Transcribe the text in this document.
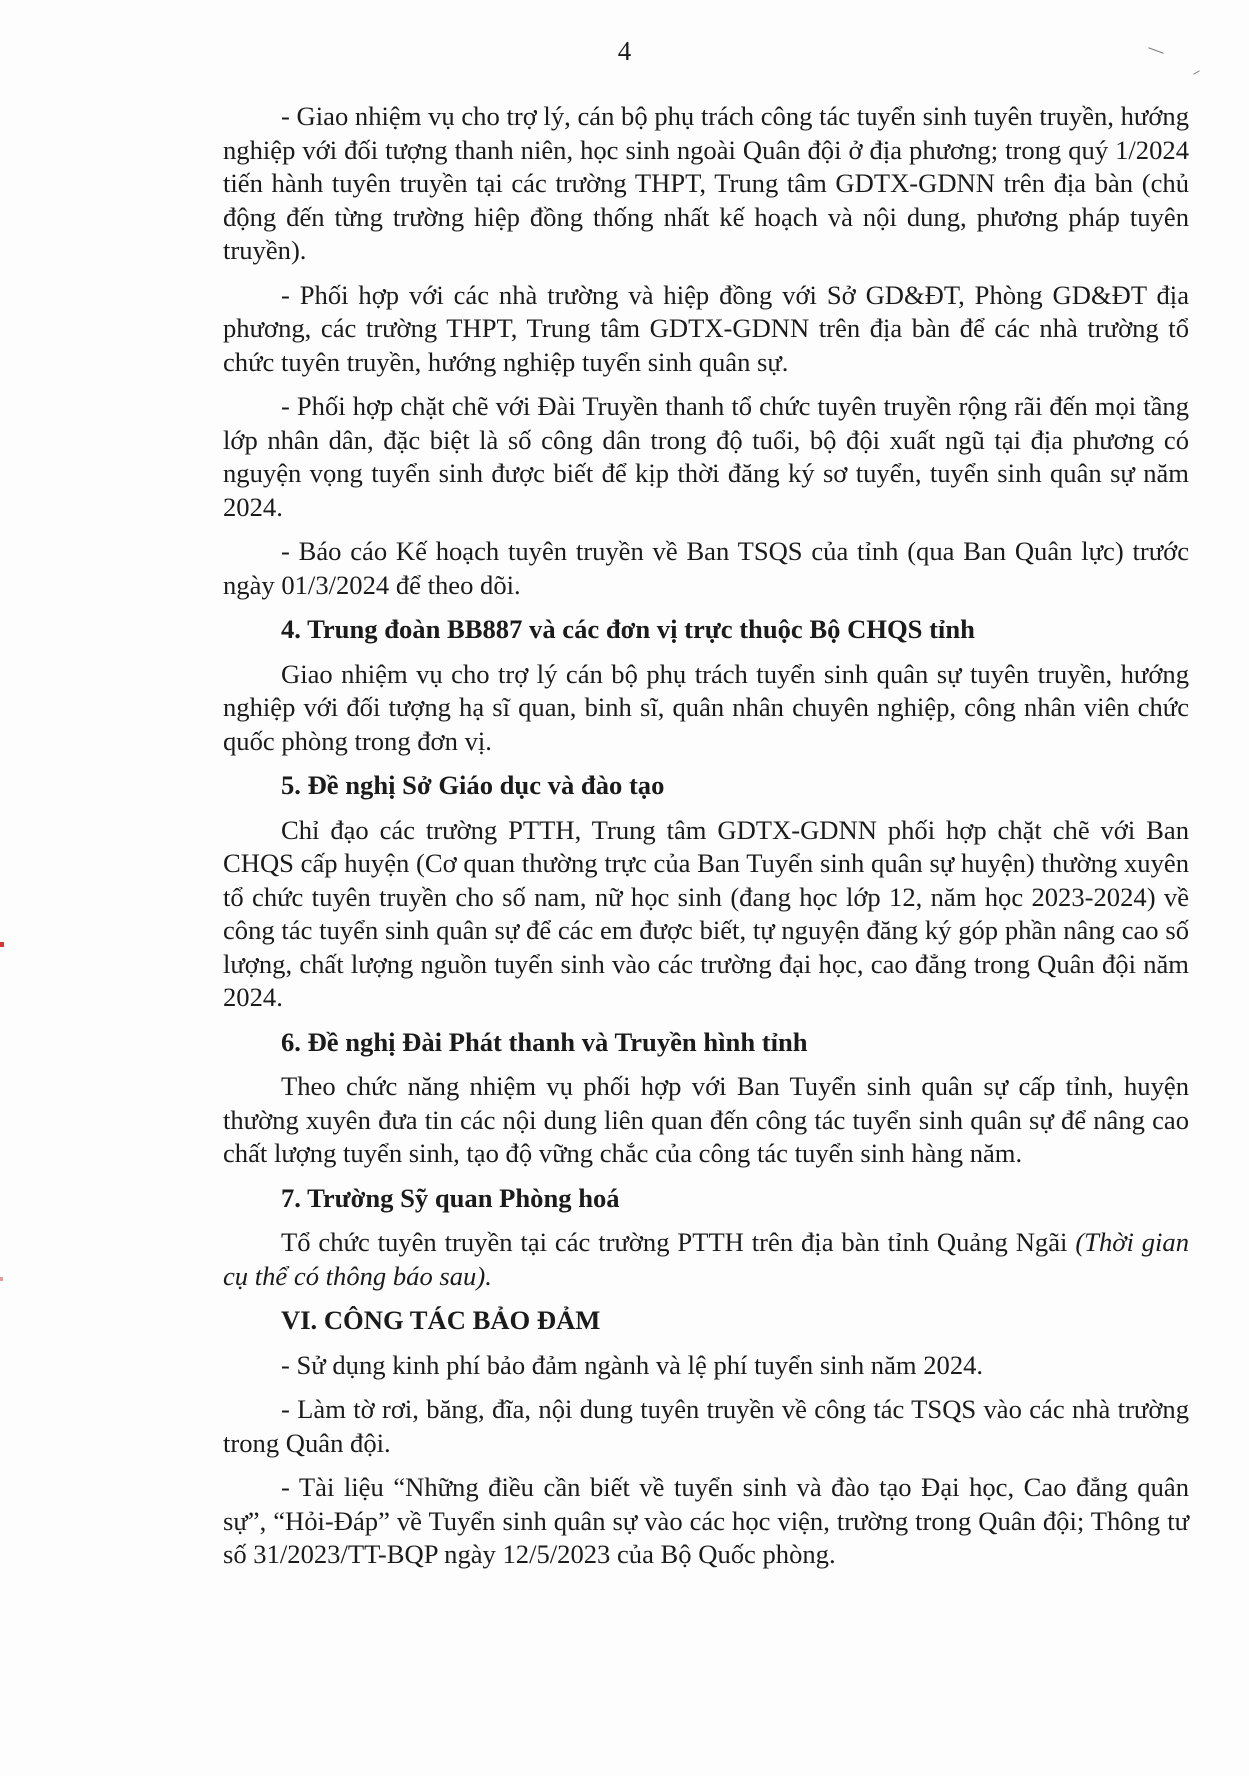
4

- Giao nhiệm vụ cho trợ lý, cán bộ phụ trách công tác tuyển sinh tuyên truyền, hướng nghiệp với đối tượng thanh niên, học sinh ngoài Quân đội ở địa phương; trong quý 1/2024 tiến hành tuyên truyền tại các trường THPT, Trung tâm GDTX-GDNN trên địa bàn (chủ động đến từng trường hiệp đồng thống nhất kế hoạch và nội dung, phương pháp tuyên truyền).

- Phối hợp với các nhà trường và hiệp đồng với Sở GD&ĐT, Phòng GD&ĐT địa phương, các trường THPT, Trung tâm GDTX-GDNN trên địa bàn để các nhà trường tổ chức tuyên truyền, hướng nghiệp tuyển sinh quân sự.

- Phối hợp chặt chẽ với Đài Truyền thanh tổ chức tuyên truyền rộng rãi đến mọi tầng lớp nhân dân, đặc biệt là số công dân trong độ tuổi, bộ đội xuất ngũ tại địa phương có nguyện vọng tuyển sinh được biết để kịp thời đăng ký sơ tuyển, tuyển sinh quân sự năm 2024.

- Báo cáo Kế hoạch tuyên truyền về Ban TSQS của tỉnh (qua Ban Quân lực) trước ngày 01/3/2024 để theo dõi.

4. Trung đoàn BB887 và các đơn vị trực thuộc Bộ CHQS tỉnh

Giao nhiệm vụ cho trợ lý cán bộ phụ trách tuyển sinh quân sự tuyên truyền, hướng nghiệp với đối tượng hạ sĩ quan, binh sĩ, quân nhân chuyên nghiệp, công nhân viên chức quốc phòng trong đơn vị.

5. Đề nghị Sở Giáo dục và đào tạo

Chỉ đạo các trường PTTH, Trung tâm GDTX-GDNN phối hợp chặt chẽ với Ban CHQS cấp huyện (Cơ quan thường trực của Ban Tuyển sinh quân sự huyện) thường xuyên tổ chức tuyên truyền cho số nam, nữ học sinh (đang học lớp 12, năm học 2023-2024) về công tác tuyển sinh quân sự để các em được biết, tự nguyện đăng ký góp phần nâng cao số lượng, chất lượng nguồn tuyển sinh vào các trường đại học, cao đẳng trong Quân đội năm 2024.

6. Đề nghị Đài Phát thanh và Truyền hình tỉnh

Theo chức năng nhiệm vụ phối hợp với Ban Tuyển sinh quân sự cấp tỉnh, huyện thường xuyên đưa tin các nội dung liên quan đến công tác tuyển sinh quân sự để nâng cao chất lượng tuyển sinh, tạo độ vững chắc của công tác tuyển sinh hàng năm.

7. Trường Sỹ quan Phòng hoá

Tổ chức tuyên truyền tại các trường PTTH trên địa bàn tỉnh Quảng Ngãi (Thời gian cụ thể có thông báo sau).

VI. CÔNG TÁC BẢO ĐẢM

- Sử dụng kinh phí bảo đảm ngành và lệ phí tuyển sinh năm 2024.

- Làm tờ rơi, băng, đĩa, nội dung tuyên truyền về công tác TSQS vào các nhà trường trong Quân đội.

- Tài liệu “Những điều cần biết về tuyển sinh và đào tạo Đại học, Cao đẳng quân sự”, “Hỏi-Đáp” về Tuyển sinh quân sự vào các học viện, trường trong Quân đội; Thông tư số 31/2023/TT-BQP ngày 12/5/2023 của Bộ Quốc phòng.
